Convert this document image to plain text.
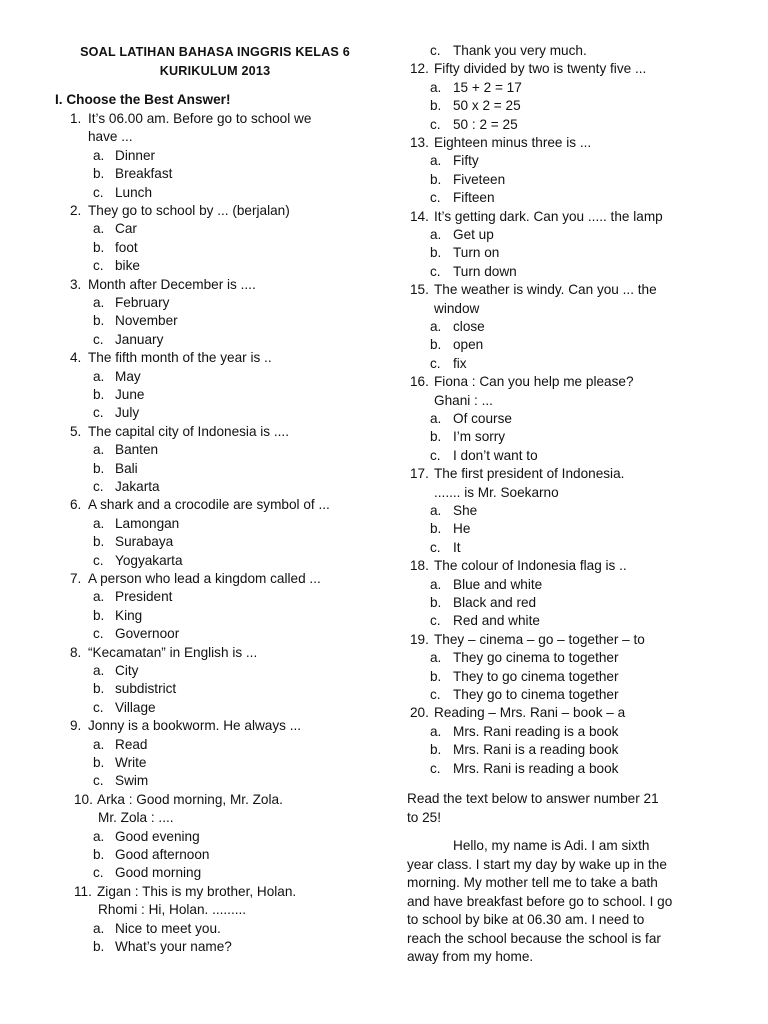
SOAL LATIHAN BAHASA INGGRIS KELAS 6
KURIKULUM 2013
I. Choose the Best Answer!
1. It’s 06.00 am. Before go to school we
have ...
a. Dinner
b. Breakfast
c. Lunch
2. They go to school by ... (berjalan)
a. Car
b. foot
c. bike
3. Month after December is ....
a. February
b. November
c. January
4. The fifth month of the year is ..
a. May
b. June
c. July
5. The capital city of Indonesia is ....
a. Banten
b. Bali
c. Jakarta
6. A shark and a crocodile are symbol of ...
a. Lamongan
b. Surabaya
c. Yogyakarta
7. A person who lead a kingdom called ...
a. President
b. King
c. Governoor
8. “Kecamatan” in English is ...
a. City
b. subdistrict
c. Village
9. Jonny is a bookworm. He always ...
a. Read
b. Write
c. Swim
10. Arka : Good morning, Mr. Zola.
Mr. Zola : ....
a. Good evening
b. Good afternoon
c. Good morning
11. Zigan : This is my brother, Holan.
Rhomi : Hi, Holan. .........
a. Nice to meet you.
b. What’s your name?
c. Thank you very much.
12. Fifty divided by two is twenty five ...
a. 15 + 2 = 17
b. 50 x 2 = 25
c. 50 : 2 = 25
13. Eighteen minus three is ...
a. Fifty
b. Fiveteen
c. Fifteen
14. It’s getting dark. Can you ..... the lamp
a. Get up
b. Turn on
c. Turn down
15. The weather is windy. Can you ... the
window
a. close
b. open
c. fix
16. Fiona : Can you help me please?
Ghani : ...
a. Of course
b. I’m sorry
c. I don’t want to
17. The first president of Indonesia.
....... is Mr. Soekarno
a. She
b. He
c. It
18. The colour of Indonesia flag is ..
a. Blue and white
b. Black and red
c. Red and white
19. They – cinema – go – together – to
a. They go cinema to together
b. They to go cinema together
c. They go to cinema together
20. Reading – Mrs. Rani – book – a
a. Mrs. Rani reading is a book
b. Mrs. Rani is a reading book
c. Mrs. Rani is reading a book
Read the text below to answer number 21
to 25!
Hello, my name is Adi. I am sixth
year class. I start my day by wake up in the
morning. My mother tell me to take a bath
and have breakfast before go to school. I go
to school by bike at 06.30 am. I need to
reach the school because the school is far
away from my home.
